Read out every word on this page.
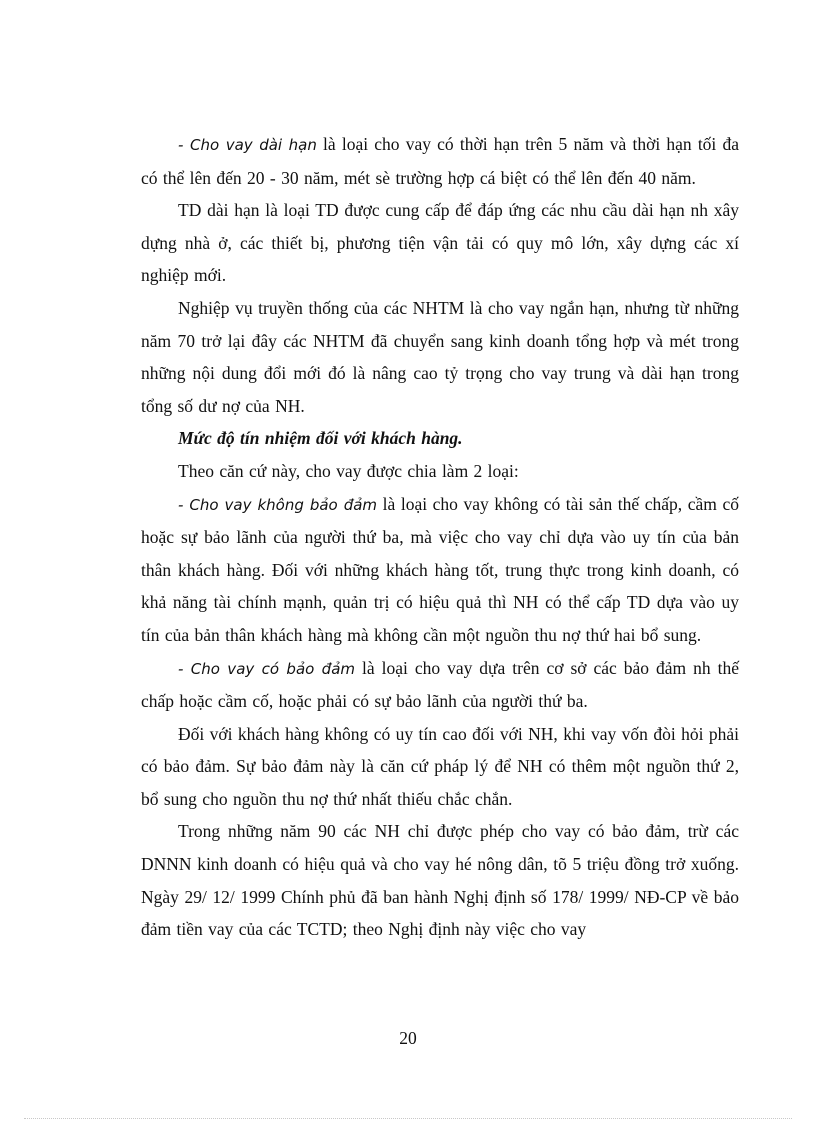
- Cho vay dài hạn là loại cho vay có thời hạn trên 5 năm và thời hạn tối đa có thể lên đến 20 - 30 năm, mét sè trường hợp cá biệt có thể lên đến 40 năm.

TD dài hạn là loại TD được cung cấp để đáp ứng các nhu cầu dài hạn nh xây dựng nhà ở, các thiết bị, phương tiện vận tải có quy mô lớn, xây dựng các xí nghiệp mới.

Nghiệp vụ truyền thống của các NHTM là cho vay ngắn hạn, nhưng từ những năm 70 trở lại đây các NHTM đã chuyển sang kinh doanh tổng hợp và mét trong những nội dung đổi mới đó là nâng cao tỷ trọng cho vay trung và dài hạn trong tổng số dư nợ của NH.

Mức độ tín nhiệm đối với khách hàng.

Theo căn cứ này, cho vay được chia làm 2 loại:

- Cho vay không bảo đảm là loại cho vay không có tài sản thế chấp, cầm cố hoặc sự bảo lãnh của người thứ ba, mà việc cho vay chỉ dựa vào uy tín của bản thân khách hàng. Đối với những khách hàng tốt, trung thực trong kinh doanh, có khả năng tài chính mạnh, quản trị có hiệu quả thì NH có thể cấp TD dựa vào uy tín của bản thân khách hàng mà không cần một nguồn thu nợ thứ hai bổ sung.

- Cho vay có bảo đảm là loại cho vay dựa trên cơ sở các bảo đảm nh thế chấp hoặc cầm cố, hoặc phải có sự bảo lãnh của người thứ ba.

Đối với khách hàng không có uy tín cao đối với NH, khi vay vốn đòi hỏi phải có bảo đảm. Sự bảo đảm này là căn cứ pháp lý để NH có thêm một nguồn thứ 2, bổ sung cho nguồn thu nợ thứ nhất thiếu chắc chắn.

Trong những năm 90 các NH chỉ được phép cho vay có bảo đảm, trừ các DNNN kinh doanh có hiệu quả và cho vay hé nông dân, tõ 5 triệu đồng trở xuống. Ngày 29/ 12/ 1999 Chính phủ đã ban hành Nghị định số 178/ 1999/ NĐ-CP về bảo đảm tiền vay của các TCTD; theo Nghị định này việc cho vay

20
